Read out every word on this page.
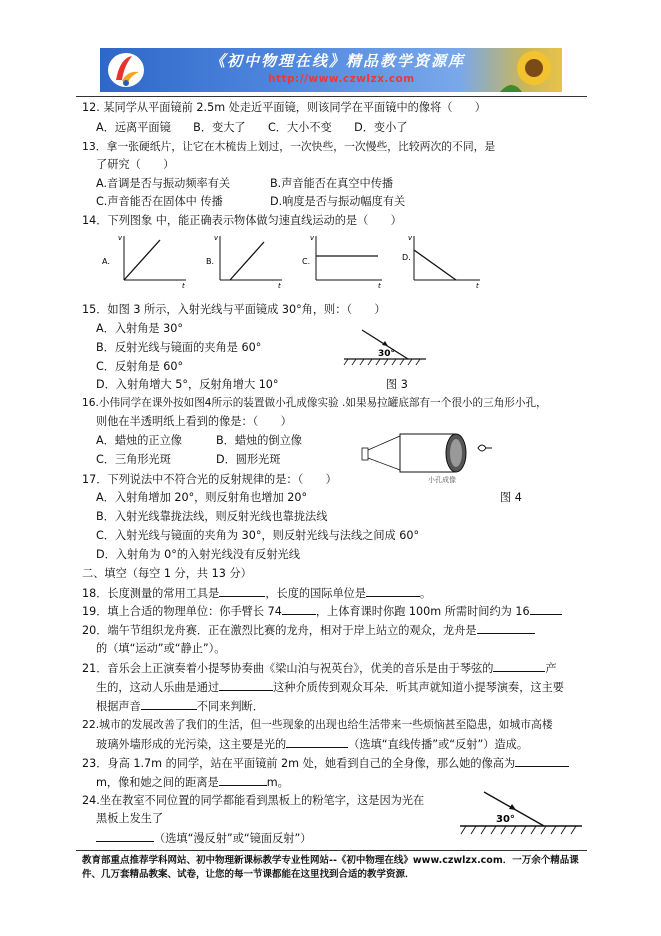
《初中物理在线》精品教学资源库
http://www.czwlzx.com
12. 某同学从平面镜前 2.5m 处走近平面镜，则该同学在平面镜中的像将（　　）
A．远离平面镜　　B．变大了　　C．大小不变　　D．变小了
13．拿一张硬纸片，让它在木梳齿上划过，一次快些，一次慢些，比较两次的不同，是
了研究（　　）
A.音调是否与振动频率有关	B.声音能否在真空中传播
C.声音能否在固体中 传播	D.响度是否与振动幅度有关
14．下列图象 中，能正确表示物体做匀速直线运动的是（　　）
A.
v
t
B.
v
t
C.
v
t
D.
v
t
15．如图 3 所示，入射光线与平面镜成 30°角，则：（　　）
A．入射角是 30°
B．反射光线与镜面的夹角是 60°
C．反射角是 60°
D．入射角增大 5°，反射角增大 10°
30°
图 3
16.小伟同学在课外按如图4所示的装置做小孔成像实验 .如果易拉罐底部有一个很小的三角形小孔，
则他在半透明纸上看到的像是：（　　）
A．蜡烛的正立像	B．蜡烛的倒立像
C．三角形光斑	D．圆形光斑
小孔成像
17．下列说法中不符合光的反射规律的是：（　　）
A．入射角增加 20°，则反射角也增加 20°	图 4
B．入射光线靠拢法线，则反射光线也靠拢法线
C．入射光线与镜面的夹角为 30°，则反射光线与法线之间成 60°
D．入射角为 0°的入射光线没有反射光线
二、填空（每空 1 分，共 13 分）
18．长度测量的常用工具是	，长度的国际单位是	。
19．填上合适的物理单位：你手臂长 74	，上体育课时你跑 100m 所需时间约为 16
20．端午节组织龙舟赛．正在激烈比赛的龙舟，相对于岸上站立的观众，龙舟是
的（填“运动”或“静止”）。
21．音乐会上正演奏着小提琴协奏曲《梁山泊与祝英台》，优美的音乐是由于琴弦的	产
生的，这动人乐曲是通过	这种介质传到观众耳朵．听其声就知道小提琴演奏，这主要
根据声音	不同来判断．
22.城市的发展改善了我们的生活，但一些现象的出现也给生活带来一些烦恼甚至隐患，如城市高楼
玻璃外墙形成的光污染，这主要是光的	（选填“直线传播”或“反射”）造成。
23．身高 1.7m 的同学，站在平面镜前 2m 处，她看到自己的全身像，那么她的像高为
m，像和她之间的距离是	m。
24.坐在教室不同位置的同学都能看到黑板上的粉笔字，这是因为光在
黑板上发生了
（选填“漫反射”或“镜面反射”）
30°
教育部重点推荐学科网站、初中物理新课标教学专业性网站--《初中物理在线》www.czwlzx.com．一万余个精品课
件、几万套精品教案、试卷，让您的每一节课都能在这里找到合适的教学资源．
